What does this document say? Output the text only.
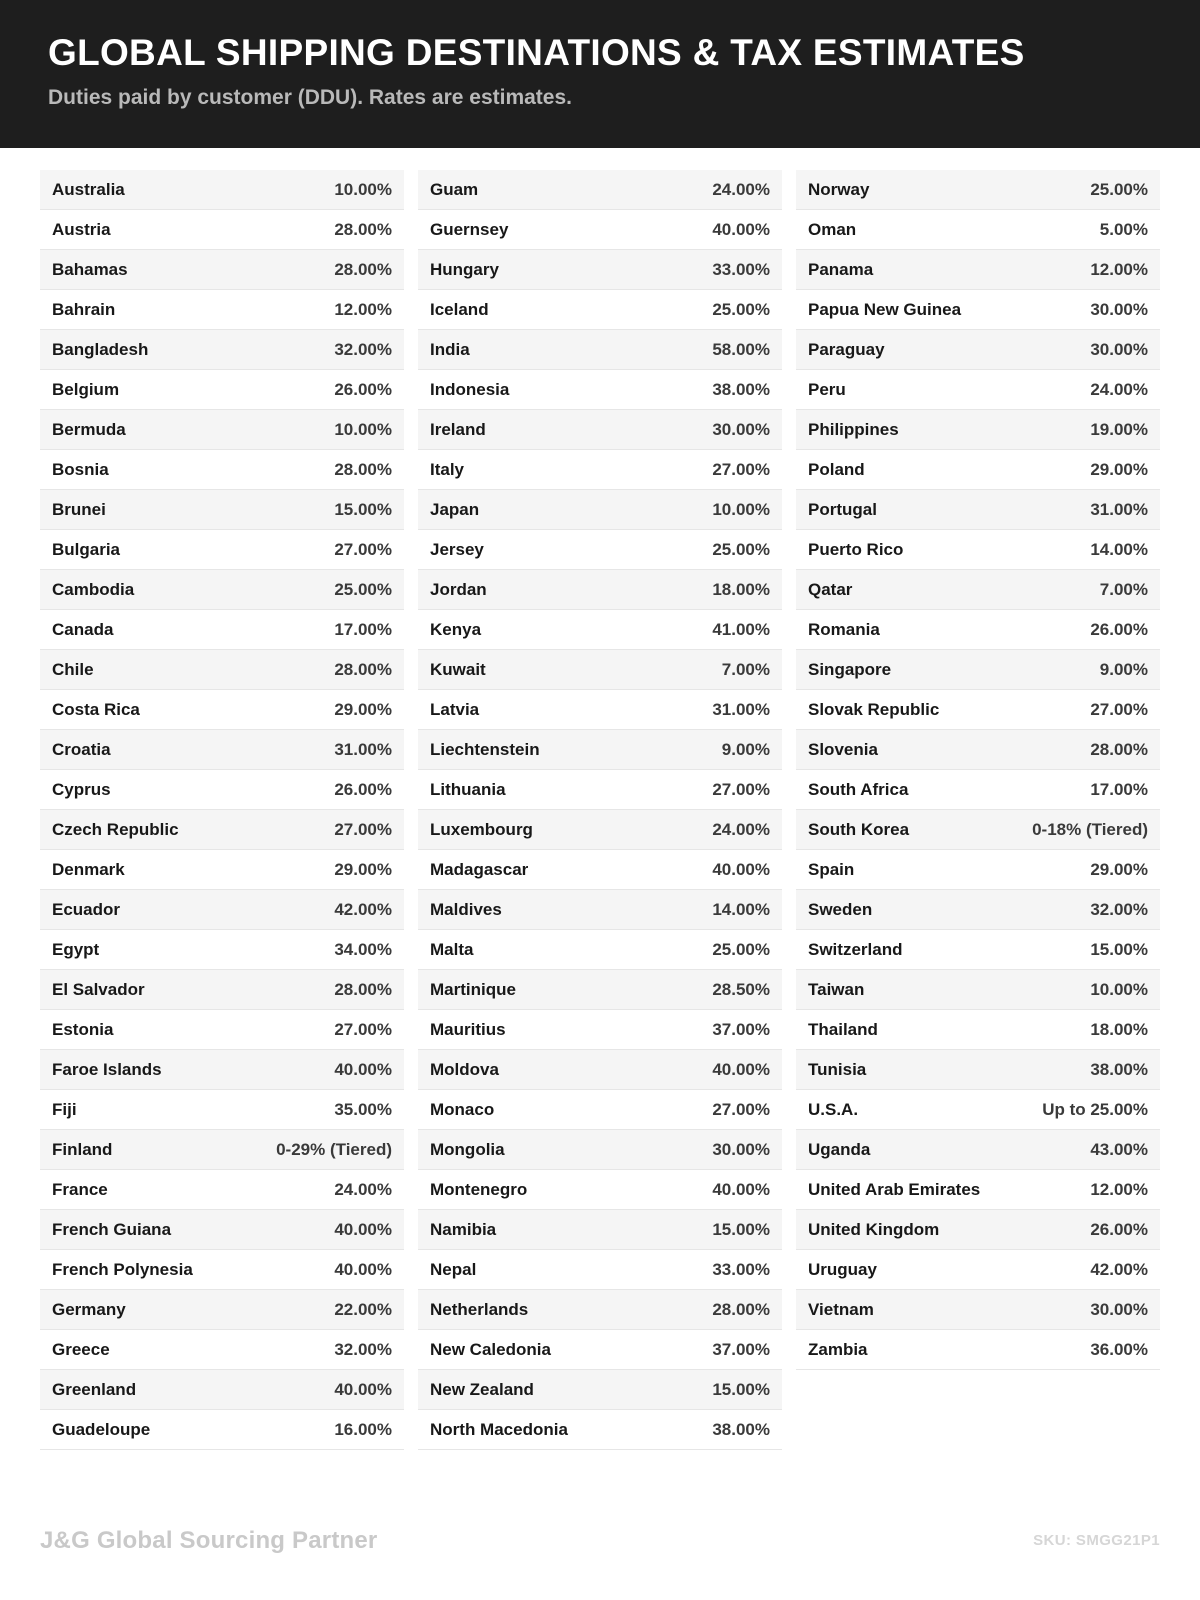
GLOBAL SHIPPING DESTINATIONS & TAX ESTIMATES

Duties paid by customer (DDU). Rates are estimates.

Australia	10.00%
Austria	28.00%
Bahamas	28.00%
Bahrain	12.00%
Bangladesh	32.00%
Belgium	26.00%
Bermuda	10.00%
Bosnia	28.00%
Brunei	15.00%
Bulgaria	27.00%
Cambodia	25.00%
Canada	17.00%
Chile	28.00%
Costa Rica	29.00%
Croatia	31.00%
Cyprus	26.00%
Czech Republic	27.00%
Denmark	29.00%
Ecuador	42.00%
Egypt	34.00%
El Salvador	28.00%
Estonia	27.00%
Faroe Islands	40.00%
Fiji	35.00%
Finland	0-29% (Tiered)
France	24.00%
French Guiana	40.00%
French Polynesia	40.00%
Germany	22.00%
Greece	32.00%
Greenland	40.00%
Guadeloupe	16.00%
Guam	24.00%
Guernsey	40.00%
Hungary	33.00%
Iceland	25.00%
India	58.00%
Indonesia	38.00%
Ireland	30.00%
Italy	27.00%
Japan	10.00%
Jersey	25.00%
Jordan	18.00%
Kenya	41.00%
Kuwait	7.00%
Latvia	31.00%
Liechtenstein	9.00%
Lithuania	27.00%
Luxembourg	24.00%
Madagascar	40.00%
Maldives	14.00%
Malta	25.00%
Martinique	28.50%
Mauritius	37.00%
Moldova	40.00%
Monaco	27.00%
Mongolia	30.00%
Montenegro	40.00%
Namibia	15.00%
Nepal	33.00%
Netherlands	28.00%
New Caledonia	37.00%
New Zealand	15.00%
North Macedonia	38.00%
Norway	25.00%
Oman	5.00%
Panama	12.00%
Papua New Guinea	30.00%
Paraguay	30.00%
Peru	24.00%
Philippines	19.00%
Poland	29.00%
Portugal	31.00%
Puerto Rico	14.00%
Qatar	7.00%
Romania	26.00%
Singapore	9.00%
Slovak Republic	27.00%
Slovenia	28.00%
South Africa	17.00%
South Korea	0-18% (Tiered)
Spain	29.00%
Sweden	32.00%
Switzerland	15.00%
Taiwan	10.00%
Thailand	18.00%
Tunisia	38.00%
U.S.A.	Up to 25.00%
Uganda	43.00%
United Arab Emirates	12.00%
United Kingdom	26.00%
Uruguay	42.00%
Vietnam	30.00%
Zambia	36.00%
J&G Global Sourcing Partner	SKU: SMGG21P1
